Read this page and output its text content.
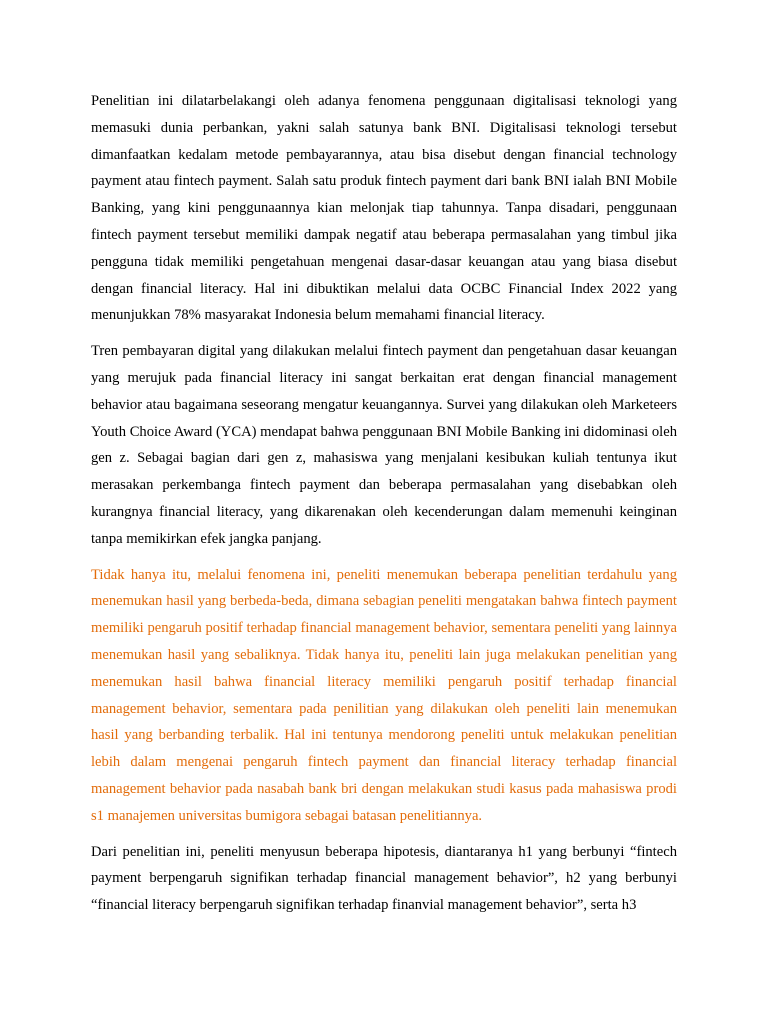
Penelitian ini dilatarbelakangi oleh adanya fenomena penggunaan digitalisasi teknologi yang memasuki dunia perbankan, yakni salah satunya bank BNI. Digitalisasi teknologi tersebut dimanfaatkan kedalam metode pembayarannya, atau bisa disebut dengan financial technology payment atau fintech payment. Salah satu produk fintech payment dari bank BNI ialah BNI Mobile Banking, yang kini penggunaannya kian melonjak tiap tahunnya. Tanpa disadari, penggunaan fintech payment tersebut memiliki dampak negatif atau beberapa permasalahan yang timbul jika pengguna tidak memiliki pengetahuan mengenai dasar-dasar keuangan atau yang biasa disebut dengan financial literacy. Hal ini dibuktikan melalui data OCBC Financial Index 2022 yang menunjukkan 78% masyarakat Indonesia belum memahami financial literacy.

Tren pembayaran digital yang dilakukan melalui fintech payment dan pengetahuan dasar keuangan yang merujuk pada financial literacy ini sangat berkaitan erat dengan financial management behavior atau bagaimana seseorang mengatur keuangannya. Survei yang dilakukan oleh Marketeers Youth Choice Award (YCA) mendapat bahwa penggunaan BNI Mobile Banking ini didominasi oleh gen z. Sebagai bagian dari gen z, mahasiswa yang menjalani kesibukan kuliah tentunya ikut merasakan perkembanga fintech payment dan beberapa permasalahan yang disebabkan oleh kurangnya financial literacy, yang dikarenakan oleh kecenderungan dalam memenuhi keinginan tanpa memikirkan efek jangka panjang.

Tidak hanya itu, melalui fenomena ini, peneliti menemukan beberapa penelitian terdahulu yang menemukan hasil yang berbeda-beda, dimana sebagian peneliti mengatakan bahwa fintech payment memiliki pengaruh positif terhadap financial management behavior, sementara peneliti yang lainnya menemukan hasil yang sebaliknya. Tidak hanya itu, peneliti lain juga melakukan penelitian yang menemukan hasil bahwa financial literacy memiliki pengaruh positif terhadap financial management behavior, sementara pada penilitian yang dilakukan oleh peneliti lain menemukan hasil yang berbanding terbalik. Hal ini tentunya mendorong peneliti untuk melakukan penelitian lebih dalam mengenai pengaruh fintech payment dan financial literacy terhadap financial management behavior pada nasabah bank bri dengan melakukan studi kasus pada mahasiswa prodi s1 manajemen universitas bumigora sebagai batasan penelitiannya.

Dari penelitian ini, peneliti menyusun beberapa hipotesis, diantaranya h1 yang berbunyi “fintech payment berpengaruh signifikan terhadap financial management behavior”, h2 yang berbunyi “financial literacy berpengaruh signifikan terhadap finanvial management behavior”, serta h3
